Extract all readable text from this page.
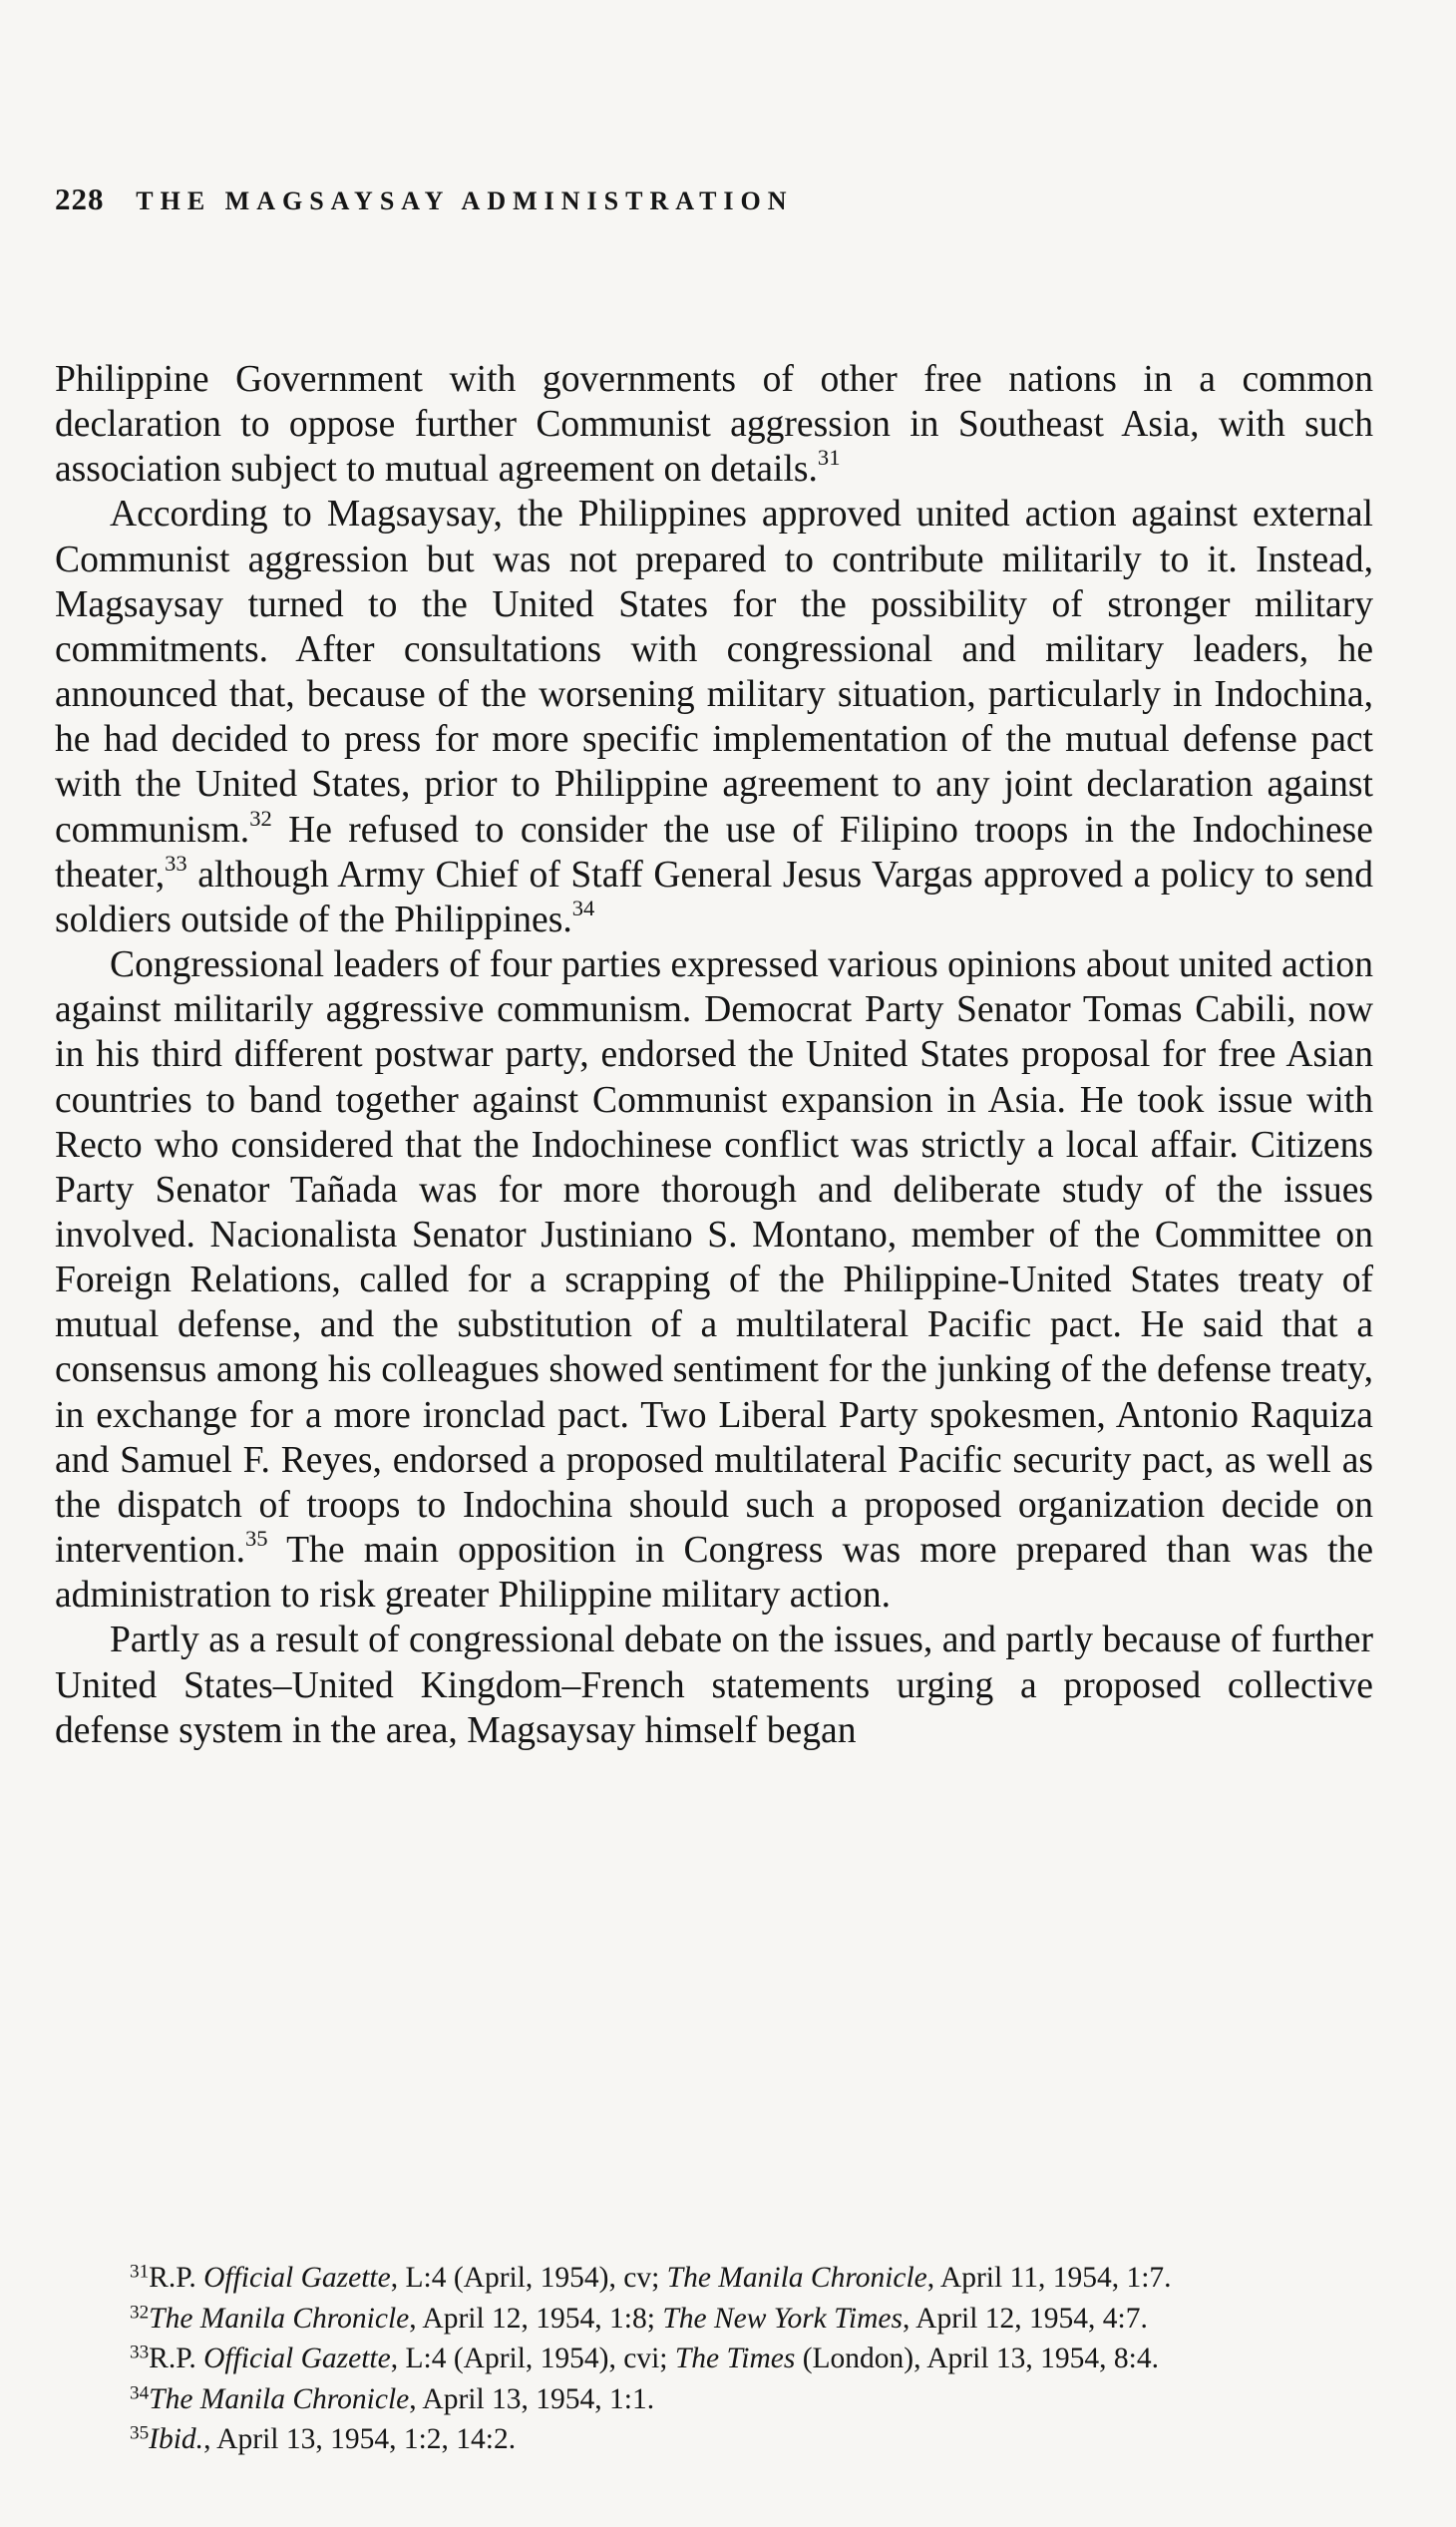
228 THE MAGSAYSAY ADMINISTRATION

Philippine Government with governments of other free nations in a common declaration to oppose further Communist aggression in Southeast Asia, with such association subject to mutual agreement on details.$^{31}$

According to Magsaysay, the Philippines approved united action against external Communist aggression but was not prepared to contribute militarily to it. Instead, Magsaysay turned to the United States for the possibility of stronger military commitments. After consultations with congressional and military leaders, he announced that, because of the worsening military situation, particularly in Indochina, he had decided to press for more specific implementation of the mutual defense pact with the United States, prior to Philippine agreement to any joint declaration against communism.$^{32}$ He refused to consider the use of Filipino troops in the Indochinese theater,$^{33}$ although Army Chief of Staff General Jesus Vargas approved a policy to send soldiers outside of the Philippines.$^{34}$

Congressional leaders of four parties expressed various opinions about united action against militarily aggressive communism. Democrat Party Senator Tomas Cabili, now in his third different postwar party, endorsed the United States proposal for free Asian countries to band together against Communist expansion in Asia. He took issue with Recto who considered that the Indochinese conflict was strictly a local affair. Citizens Party Senator Tañada was for more thorough and deliberate study of the issues involved. Nacionalista Senator Justiniano S. Montano, member of the Committee on Foreign Relations, called for a scrapping of the Philippine-United States treaty of mutual defense, and the substitution of a multilateral Pacific pact. He said that a consensus among his colleagues showed sentiment for the junking of the defense treaty, in exchange for a more ironclad pact. Two Liberal Party spokesmen, Antonio Raquiza and Samuel F. Reyes, endorsed a proposed multilateral Pacific security pact, as well as the dispatch of troops to Indochina should such a proposed organization decide on intervention.$^{35}$ The main opposition in Congress was more prepared than was the administration to risk greater Philippine military action.

Partly as a result of congressional debate on the issues, and partly because of further United States–United Kingdom–French statements urging a proposed collective defense system in the area, Magsaysay himself began

$^{31}$R.P. Official Gazette, L:4 (April, 1954), cv; The Manila Chronicle, April 11, 1954, 1:7.
$^{32}$The Manila Chronicle, April 12, 1954, 1:8; The New York Times, April 12, 1954, 4:7.
$^{33}$R.P. Official Gazette, L:4 (April, 1954), cvi; The Times (London), April 13, 1954, 8:4.
$^{34}$The Manila Chronicle, April 13, 1954, 1:1.
$^{35}$Ibid., April 13, 1954, 1:2, 14:2.
